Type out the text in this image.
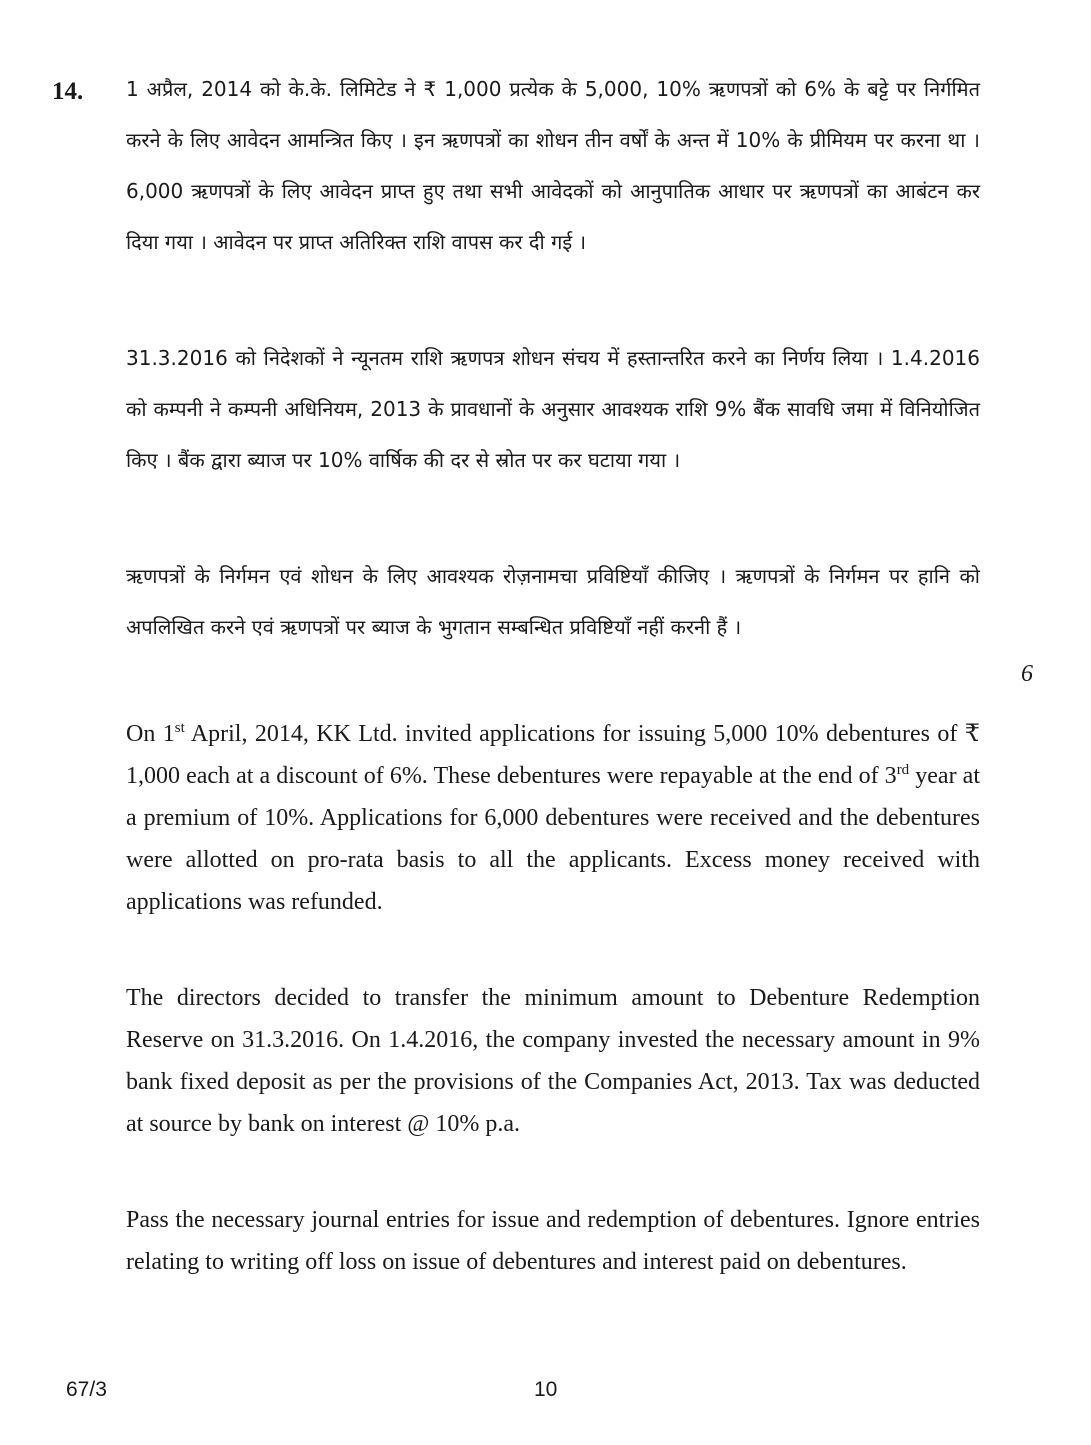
14. 1 अप्रैल, 2014 को के.के. लिमिटेड ने ₹ 1,000 प्रत्येक के 5,000, 10% ऋणपत्रों को 6% के बट्टे पर निर्गमित करने के लिए आवेदन आमन्त्रित किए । इन ऋणपत्रों का शोधन तीन वर्षों के अन्त में 10% के प्रीमियम पर करना था । 6,000 ऋणपत्रों के लिए आवेदन प्राप्त हुए तथा सभी आवेदकों को आनुपातिक आधार पर ऋणपत्रों का आबंटन कर दिया गया । आवेदन पर प्राप्त अतिरिक्त राशि वापस कर दी गई ।

31.3.2016 को निदेशकों ने न्यूनतम राशि ऋणपत्र शोधन संचय में हस्तान्तरित करने का निर्णय लिया । 1.4.2016 को कम्पनी ने कम्पनी अधिनियम, 2013 के प्रावधानों के अनुसार आवश्यक राशि 9% बैंक सावधि जमा में विनियोजित किए । बैंक द्वारा ब्याज पर 10% वार्षिक की दर से स्रोत पर कर घटाया गया ।

ऋणपत्रों के निर्गमन एवं शोधन के लिए आवश्यक रोज़नामचा प्रविष्टियाँ कीजिए । ऋणपत्रों के निर्गमन पर हानि को अपलिखित करने एवं ऋणपत्रों पर ब्याज के भुगतान सम्बन्धित प्रविष्टियाँ नहीं करनी हैं ।

6

On 1st April, 2014, KK Ltd. invited applications for issuing 5,000 10% debentures of ₹ 1,000 each at a discount of 6%. These debentures were repayable at the end of 3rd year at a premium of 10%. Applications for 6,000 debentures were received and the debentures were allotted on pro-rata basis to all the applicants. Excess money received with applications was refunded.

The directors decided to transfer the minimum amount to Debenture Redemption Reserve on 31.3.2016. On 1.4.2016, the company invested the necessary amount in 9% bank fixed deposit as per the provisions of the Companies Act, 2013. Tax was deducted at source by bank on interest @ 10% p.a.

Pass the necessary journal entries for issue and redemption of debentures. Ignore entries relating to writing off loss on issue of debentures and interest paid on debentures.

67/3	10
